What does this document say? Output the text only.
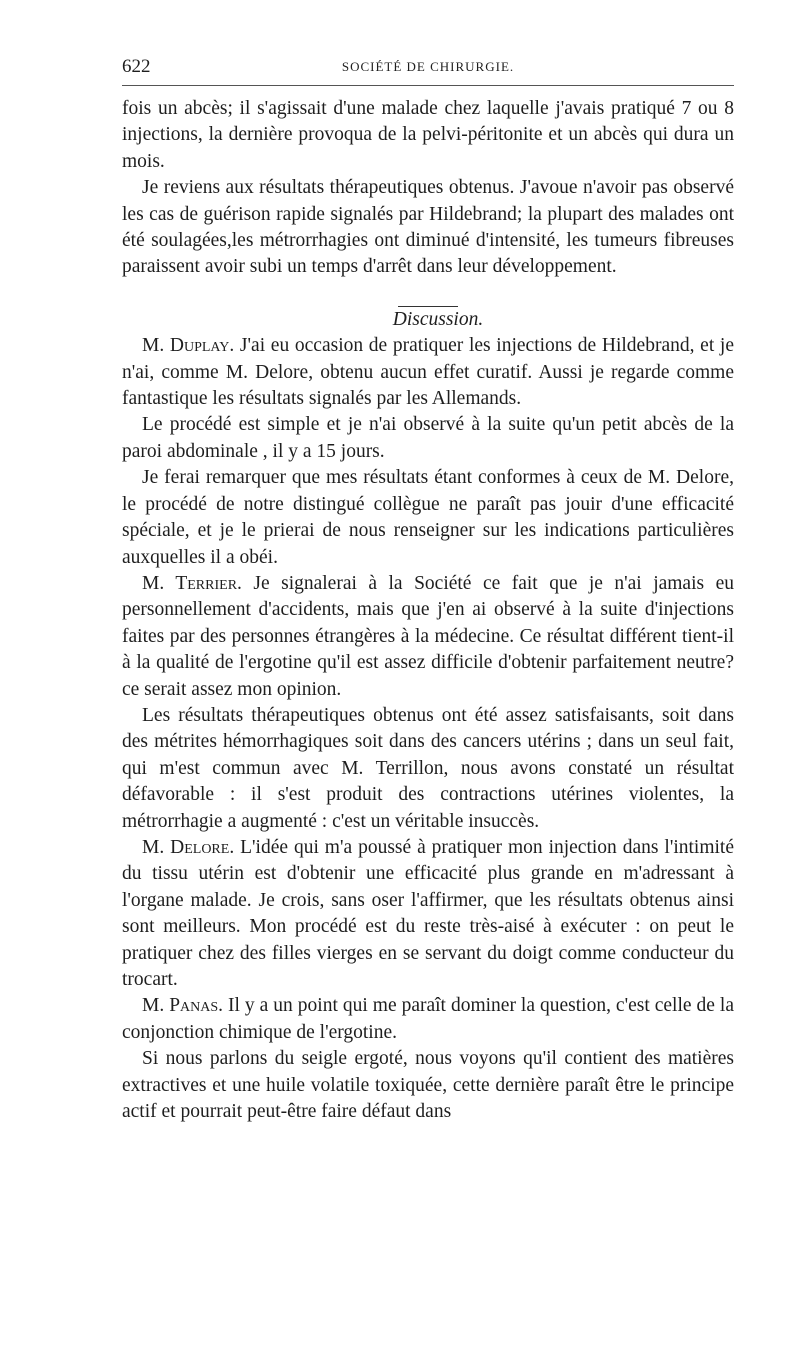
622	SOCIÉTÉ DE CHIRURGIE.

fois un abcès; il s'agissait d'une malade chez laquelle j'avais pratiqué 7 ou 8 injections, la dernière provoqua de la pelvi-péritonite et un abcès qui dura un mois.

Je reviens aux résultats thérapeutiques obtenus. J'avoue n'avoir pas observé les cas de guérison rapide signalés par Hildebrand; la plupart des malades ont été soulagées,les métrorrhagies ont diminué d'intensité, les tumeurs fibreuses paraissent avoir subi un temps d'arrêt dans leur développement.

Discussion.

M. Duplay. J'ai eu occasion de pratiquer les injections de Hildebrand, et je n'ai, comme M. Delore, obtenu aucun effet curatif. Aussi je regarde comme fantastique les résultats signalés par les Allemands.

Le procédé est simple et je n'ai observé à la suite qu'un petit abcès de la paroi abdominale , il y a 15 jours.

Je ferai remarquer que mes résultats étant conformes à ceux de M. Delore, le procédé de notre distingué collègue ne paraît pas jouir d'une efficacité spéciale, et je le prierai de nous renseigner sur les indications particulières auxquelles il a obéi.

M. Terrier. Je signalerai à la Société ce fait que je n'ai jamais eu personnellement d'accidents, mais que j'en ai observé à la suite d'injections faites par des personnes étrangères à la médecine. Ce résultat différent tient-il à la qualité de l'ergotine qu'il est assez difficile d'obtenir parfaitement neutre? ce serait assez mon opinion.

Les résultats thérapeutiques obtenus ont été assez satisfaisants, soit dans des métrites hémorrhagiques soit dans des cancers utérins ; dans un seul fait, qui m'est commun avec M. Terrillon, nous avons constaté un résultat défavorable : il s'est produit des contractions utérines violentes, la métrorrhagie a augmenté : c'est un véritable insuccès.

M. Delore. L'idée qui m'a poussé à pratiquer mon injection dans l'intimité du tissu utérin est d'obtenir une efficacité plus grande en m'adressant à l'organe malade. Je crois, sans oser l'affirmer, que les résultats obtenus ainsi sont meilleurs. Mon procédé est du reste très-aisé à exécuter : on peut le pratiquer chez des filles vierges en se servant du doigt comme conducteur du trocart.

M. Panas. Il y a un point qui me paraît dominer la question, c'est celle de la conjonction chimique de l'ergotine.

Si nous parlons du seigle ergoté, nous voyons qu'il contient des matières extractives et une huile volatile toxiquée, cette dernière paraît être le principe actif et pourrait peut-être faire défaut dans
